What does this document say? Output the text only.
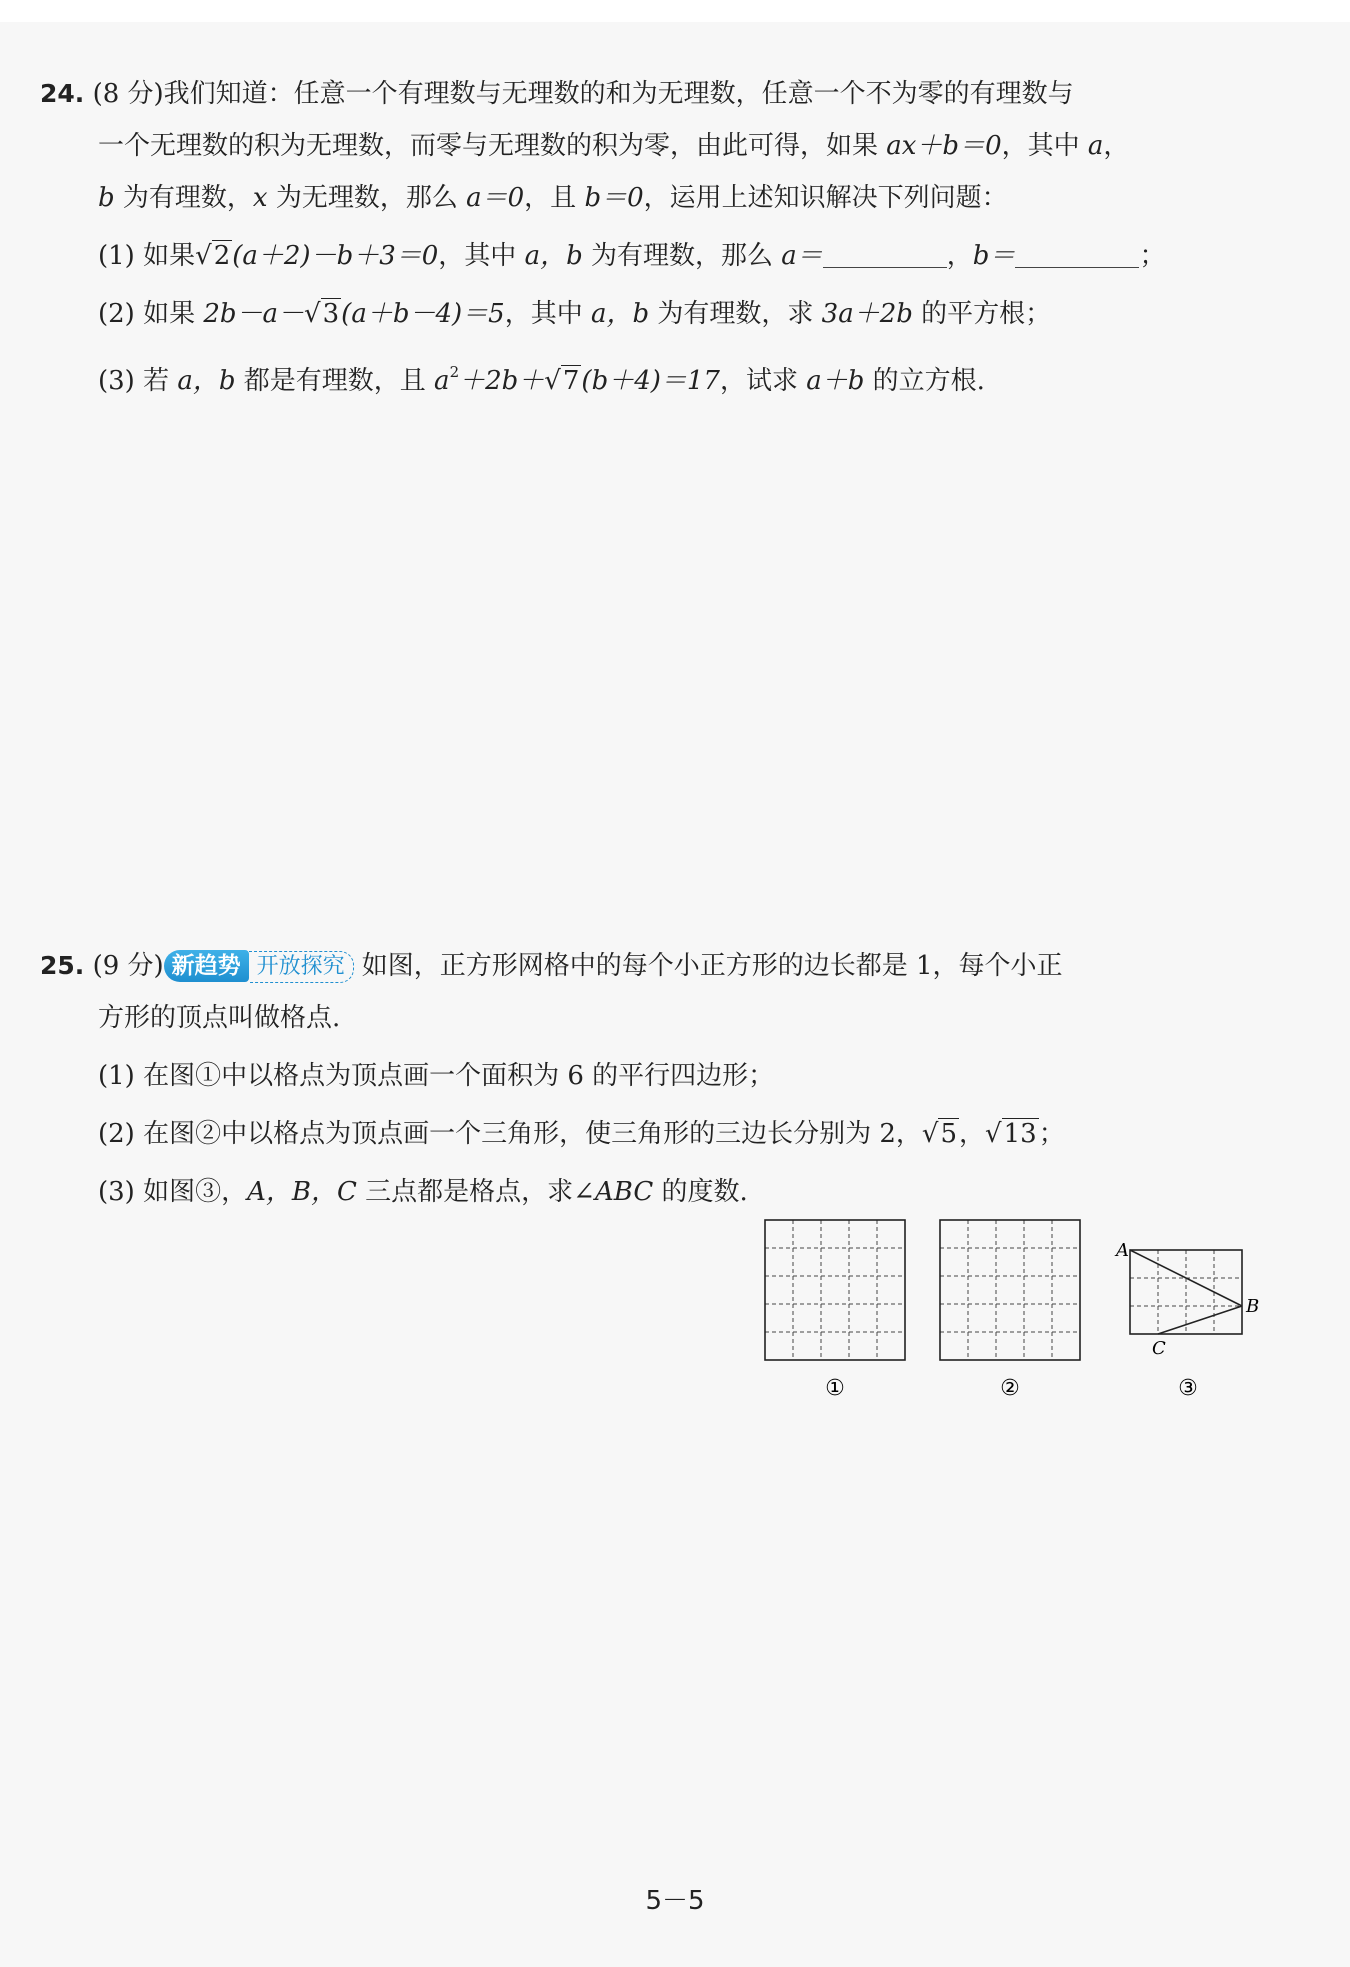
24. (8 分)我们知道：任意一个有理数与无理数的和为无理数，任意一个不为零的有理数与
一个无理数的积为无理数，而零与无理数的积为零，由此可得，如果 ax＋b＝0，其中 a，
b 为有理数，x 为无理数，那么 a＝0，且 b＝0，运用上述知识解决下列问题：
(1) 如果√2(a＋2)－b＋3＝0，其中 a，b 为有理数，那么 a＝	，b＝	；
(2) 如果 2b－a－√3(a＋b－4)＝5，其中 a，b 为有理数，求 3a＋2b 的平方根；
(3) 若 a，b 都是有理数，且 $a^2+2b+√7(b+4)=17$，试求 a＋b 的立方根.
25. (9 分) 新趋势 开放探究 如图，正方形网格中的每个小正方形的边长都是 1，每个小正
方形的顶点叫做格点.
(1) 在图①中以格点为顶点画一个面积为 6 的平行四边形；
(2) 在图②中以格点为顶点画一个三角形，使三角形的三边长分别为 2，√5，√13；
(3) 如图③，A，B，C 三点都是格点，求∠ABC 的度数.
A
B
C
①	②	③
5－5
